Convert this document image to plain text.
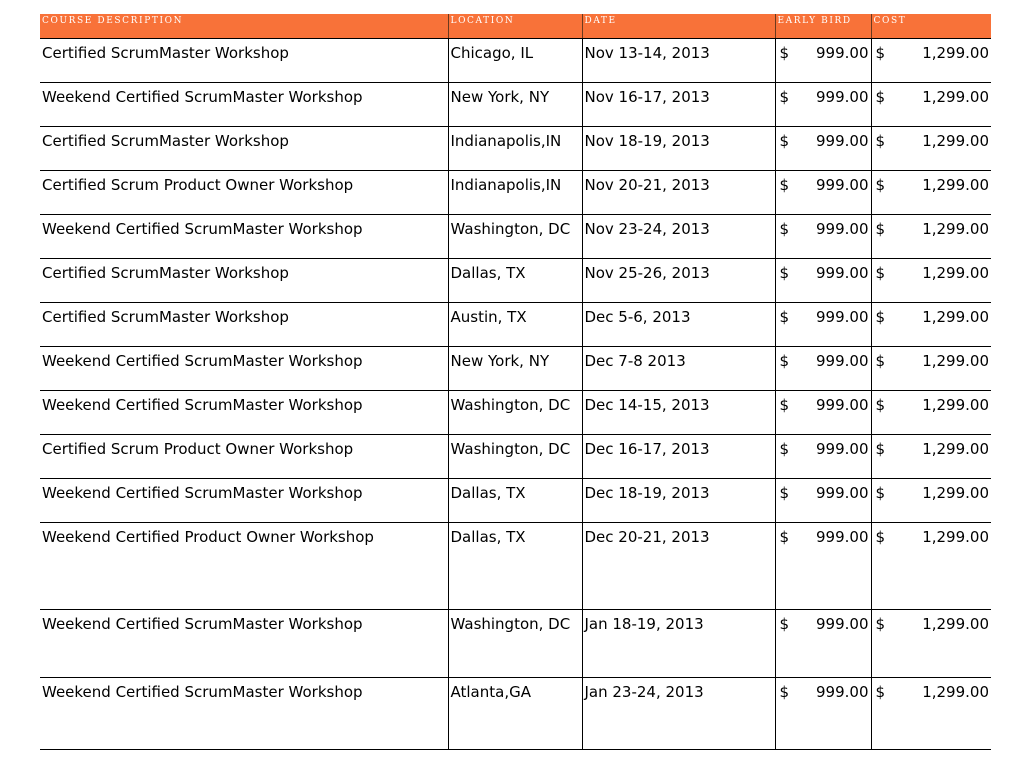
COURSE DESCRIPTION	LOCATION	DATE	EARLY BIRD	COST
Certified ScrumMaster Workshop	Chicago, IL	Nov 13-14, 2013	$ 999.00	$ 1,299.00

Weekend Certified ScrumMaster Workshop	New York, NY	Nov 16-17, 2013	$ 999.00	$ 1,299.00

Certified ScrumMaster Workshop	Indianapolis,IN	Nov 18-19, 2013	$ 999.00	$ 1,299.00

Certified Scrum Product Owner Workshop	Indianapolis,IN	Nov 20-21, 2013	$ 999.00	$ 1,299.00

Weekend Certified ScrumMaster Workshop	Washington, DC	Nov 23-24, 2013	$ 999.00	$ 1,299.00

Certified ScrumMaster Workshop	Dallas, TX	Nov 25-26, 2013	$ 999.00	$ 1,299.00

Certified ScrumMaster Workshop	Austin, TX	Dec 5-6, 2013	$ 999.00	$ 1,299.00

Weekend Certified ScrumMaster Workshop	New York, NY	Dec 7-8 2013	$ 999.00	$ 1,299.00

Weekend Certified ScrumMaster Workshop	Washington, DC	Dec 14-15, 2013	$ 999.00	$ 1,299.00

Certified Scrum Product Owner Workshop	Washington, DC	Dec 16-17, 2013	$ 999.00	$ 1,299.00

Weekend Certified ScrumMaster Workshop	Dallas, TX	Dec 18-19, 2013	$ 999.00	$ 1,299.00

Weekend Certified Product Owner Workshop	Dallas, TX	Dec 20-21, 2013	$ 999.00	$ 1,299.00

Weekend Certified ScrumMaster Workshop	Washington, DC	Jan 18-19, 2013	$ 999.00	$ 1,299.00

Weekend Certified ScrumMaster Workshop	Atlanta,GA	Jan 23-24, 2013	$ 999.00	$ 1,299.00
